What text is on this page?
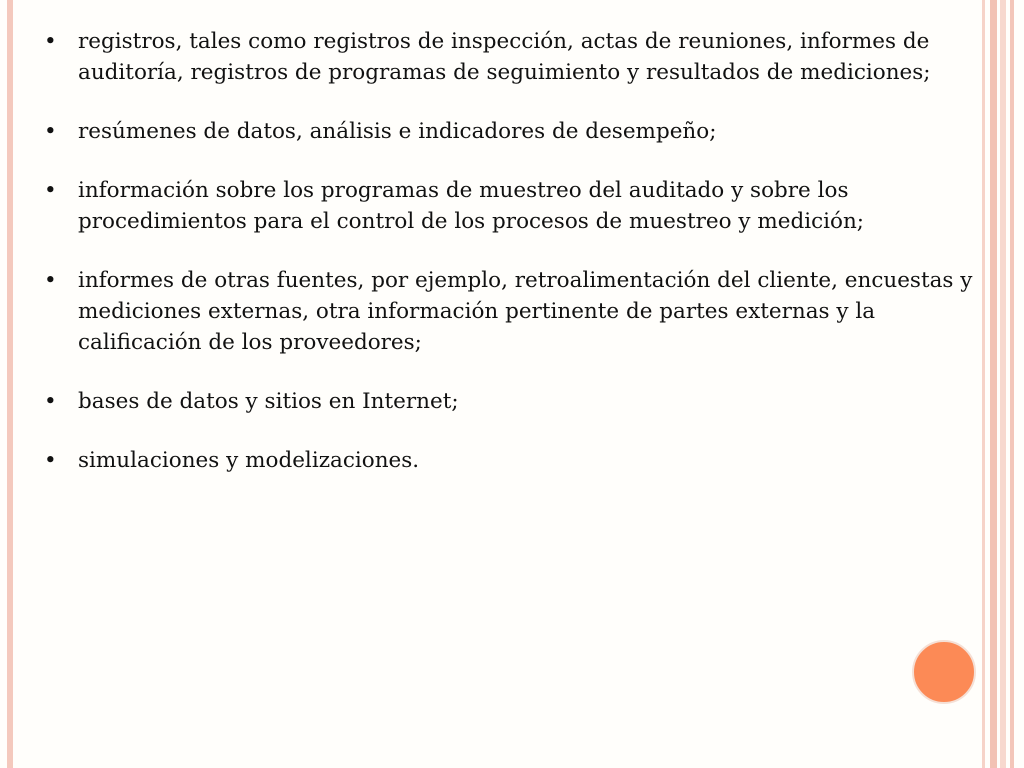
• registros, tales como registros de inspección, actas de reuniones, informes de auditoría, registros de programas de seguimiento y resultados de mediciones;
• resúmenes de datos, análisis e indicadores de desempeño;
• información sobre los programas de muestreo del auditado y sobre los procedimientos para el control de los procesos de muestreo y medición;
• informes de otras fuentes, por ejemplo, retroalimentación del cliente, encuestas y mediciones externas, otra información pertinente de partes externas y la calificación de los proveedores;
• bases de datos y sitios en Internet;
• simulaciones y modelizaciones.
